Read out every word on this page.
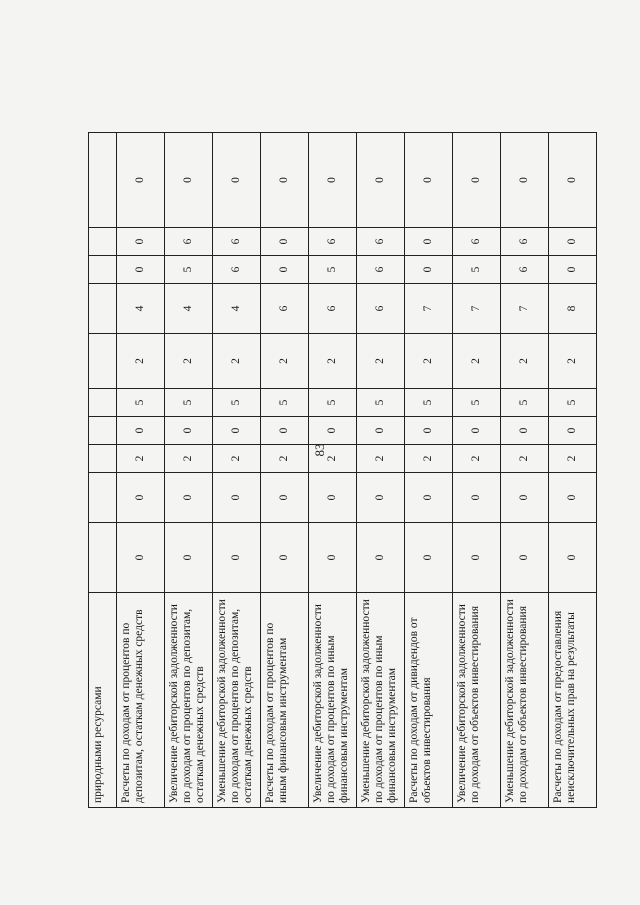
83
природными ресурсами										
Расчеты по доходам от процентов по депозитам, остаткам денежных средств	0	0	2	0	5	2	4	0	0	0
Увеличение дебиторской задолженности по доходам от процентов по депозитам, остаткам денежных средств	0	0	2	0	5	2	4	5	6	0
Уменьшение дебиторской задолженности по доходам от процентов по депозитам, остаткам денежных средств	0	0	2	0	5	2	4	6	6	0
Расчеты по доходам от процентов по иным финансовым инструментам	0	0	2	0	5	2	6	0	0	0
Увеличение дебиторской задолженности по доходам от процентов по иным финансовым инструментам	0	0	2	0	5	2	6	5	6	0
Уменьшение дебиторской задолженности по доходам от процентов по иным финансовым инструментам	0	0	2	0	5	2	6	6	6	0
Расчеты по доходам от дивидендов от объектов инвестирования	0	0	2	0	5	2	7	0	0	0
Увеличение дебиторской задолженности по доходам от объектов инвестирования	0	0	2	0	5	2	7	5	6	0
Уменьшение дебиторской задолженности по доходам от объектов инвестирования	0	0	2	0	5	2	7	6	6	0
Расчеты по доходам от предоставления неисключительных прав на результаты	0	0	2	0	5	2	8	0	0	0
